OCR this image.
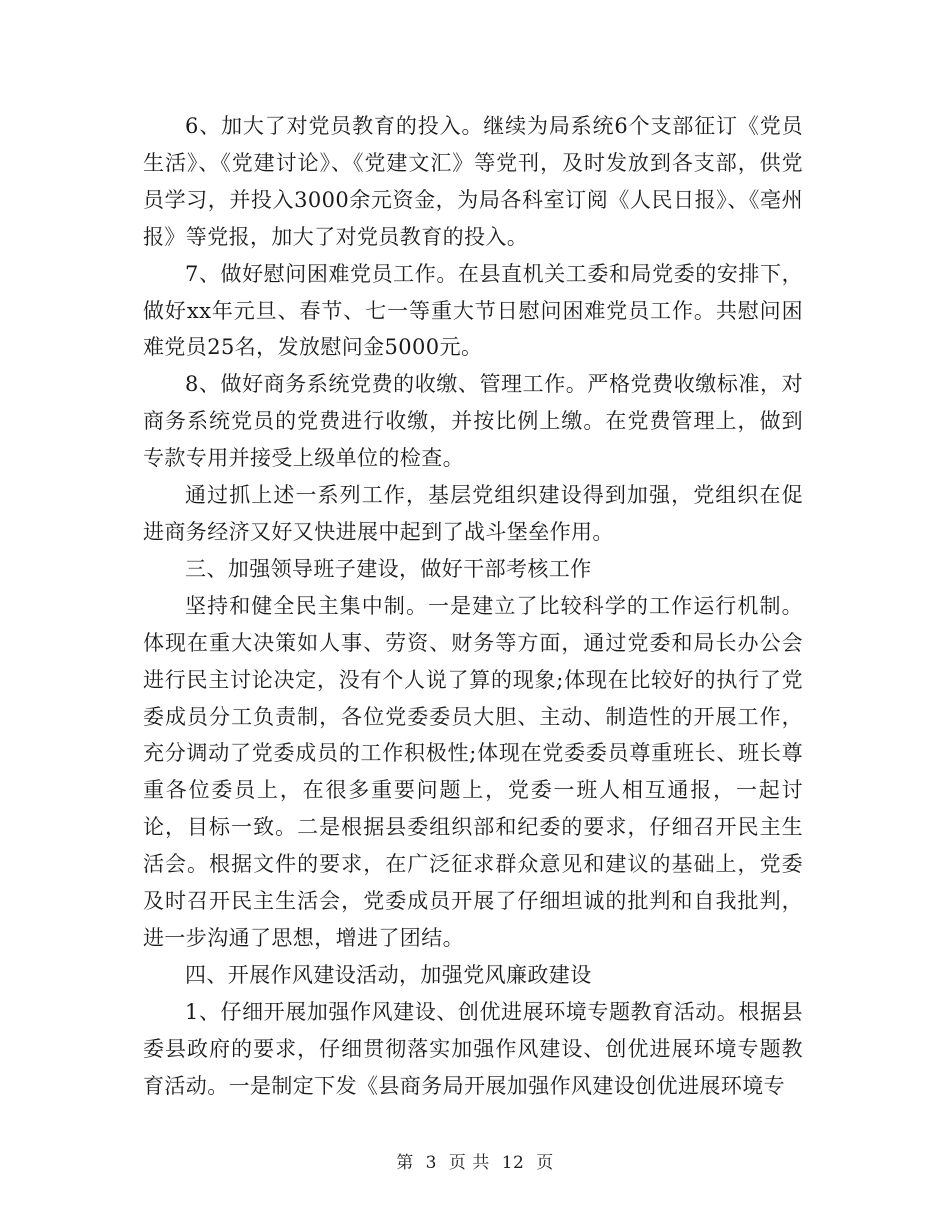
6、加大了对党员教育的投入。继续为局系统6个支部征订《党员生活》、《党建讨论》、《党建文汇》等党刊，及时发放到各支部，供党员学习，并投入3000余元资金，为局各科室订阅《人民日报》、《亳州报》等党报，加大了对党员教育的投入。

7、做好慰问困难党员工作。在县直机关工委和局党委的安排下，做好xx年元旦、春节、七一等重大节日慰问困难党员工作。共慰问困难党员25名，发放慰问金5000元。

8、做好商务系统党费的收缴、管理工作。严格党费收缴标准，对商务系统党员的党费进行收缴，并按比例上缴。在党费管理上，做到专款专用并接受上级单位的检查。

通过抓上述一系列工作，基层党组织建设得到加强，党组织在促进商务经济又好又快进展中起到了战斗堡垒作用。

三、加强领导班子建设，做好干部考核工作

坚持和健全民主集中制。一是建立了比较科学的工作运行机制。体现在重大决策如人事、劳资、财务等方面，通过党委和局长办公会进行民主讨论决定，没有个人说了算的现象;体现在比较好的执行了党委成员分工负责制，各位党委委员大胆、主动、制造性的开展工作，充分调动了党委成员的工作积极性;体现在党委委员尊重班长、班长尊重各位委员上，在很多重要问题上，党委一班人相互通报，一起讨论，目标一致。二是根据县委组织部和纪委的要求，仔细召开民主生活会。根据文件的要求，在广泛征求群众意见和建议的基础上，党委及时召开民主生活会，党委成员开展了仔细坦诚的批判和自我批判，进一步沟通了思想，增进了团结。

四、开展作风建设活动，加强党风廉政建设

1、仔细开展加强作风建设、创优进展环境专题教育活动。根据县委县政府的要求，仔细贯彻落实加强作风建设、创优进展环境专题教育活动。一是制定下发《县商务局开展加强作风建设创优进展环境专

第 3 页 共 12 页
